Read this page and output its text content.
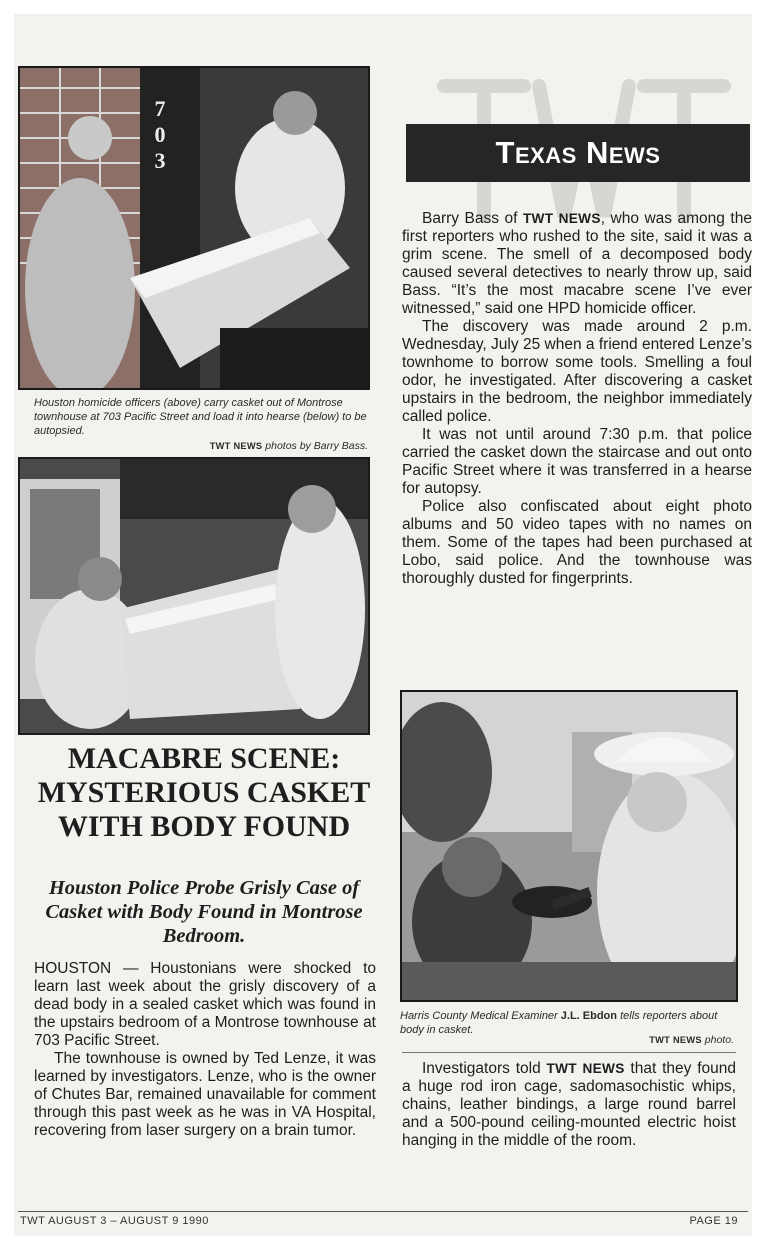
703
Houston homicide officers (above) carry casket out of Montrose townhouse at 703 Pacific Street and load it into hearse (below) to be autopsied.
TWT NEWS photos by Barry Bass.
MACABRE SCENE: MYSTERIOUS CASKET WITH BODY FOUND
Houston Police Probe Grisly Case of Casket with Body Found in Montrose Bedroom.

HOUSTON — Houstonians were shocked to learn last week about the grisly discovery of a dead body in a sealed casket which was found in the upstairs bedroom of a Montrose townhouse at 703 Pacific Street.

The townhouse is owned by Ted Lenze, it was learned by investigators. Lenze, who is the owner of Chutes Bar, remained unavailable for comment through this past week as he was in VA Hospital, recovering from laser surgery on a brain tumor.

Texas News

Barry Bass of TWT NEWS, who was among the first reporters who rushed to the site, said it was a grim scene. The smell of a decomposed body caused several detectives to nearly throw up, said Bass. “It’s the most macabre scene I’ve ever witnessed,” said one HPD homicide officer.

The discovery was made around 2 p.m. Wednesday, July 25 when a friend entered Lenze’s townhome to borrow some tools. Smelling a foul odor, he investigated. After discovering a casket upstairs in the bedroom, the neighbor immediately called police.

It was not until around 7:30 p.m. that police carried the casket down the staircase and out onto Pacific Street where it was transferred in a hearse for autopsy.

Police also confiscated about eight photo albums and 50 video tapes with no names on them. Some of the tapes had been purchased at Lobo, said police. And the townhouse was thoroughly dusted for fingerprints.

Harris County Medical Examiner J.L. Ebdon tells reporters about body in casket.
TWT NEWS photo.

Investigators told TWT NEWS that they found a huge rod iron cage, sadomasochistic whips, chains, leather bindings, a large round barrel and a 500-pound ceiling-mounted electric hoist hanging in the middle of the room.

TWT AUGUST 3 – AUGUST 9 1990	PAGE 19
